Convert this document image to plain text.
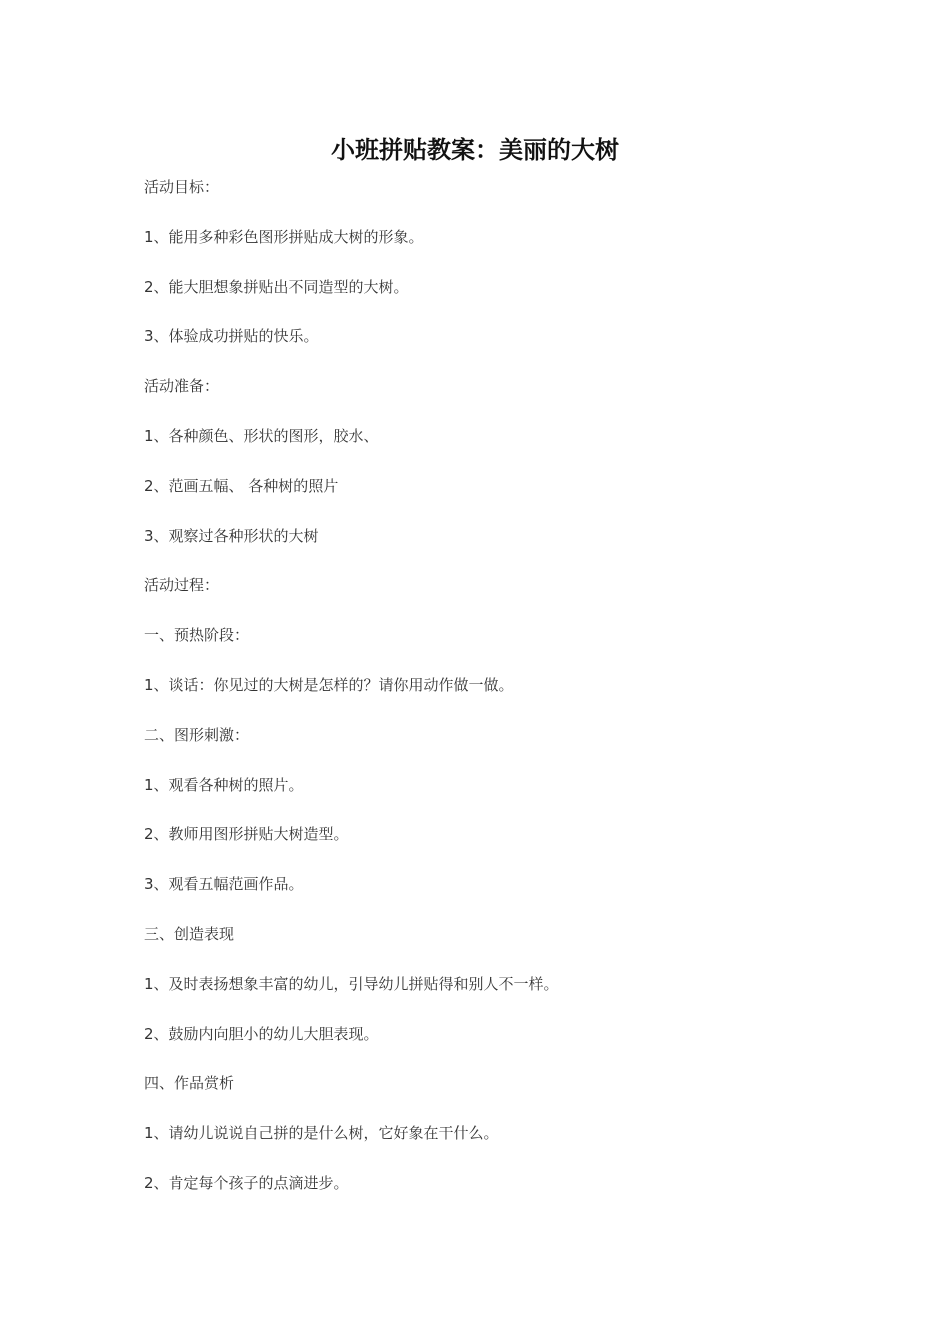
小班拼贴教案：美丽的大树

活动目标：

1、能用多种彩色图形拼贴成大树的形象。

2、能大胆想象拼贴出不同造型的大树。

3、体验成功拼贴的快乐。

活动准备：

1、各种颜色、形状的图形，胶水、

2、范画五幅、 各种树的照片

3、观察过各种形状的大树

活动过程：

一、预热阶段：

1、谈话：你见过的大树是怎样的？请你用动作做一做。

二、图形刺激：

1、观看各种树的照片。

2、教师用图形拼贴大树造型。

3、观看五幅范画作品。

三、创造表现

1、及时表扬想象丰富的幼儿，引导幼儿拼贴得和别人不一样。

2、鼓励内向胆小的幼儿大胆表现。

四、作品赏析

1、请幼儿说说自己拼的是什么树，它好象在干什么。

2、肯定每个孩子的点滴进步。
